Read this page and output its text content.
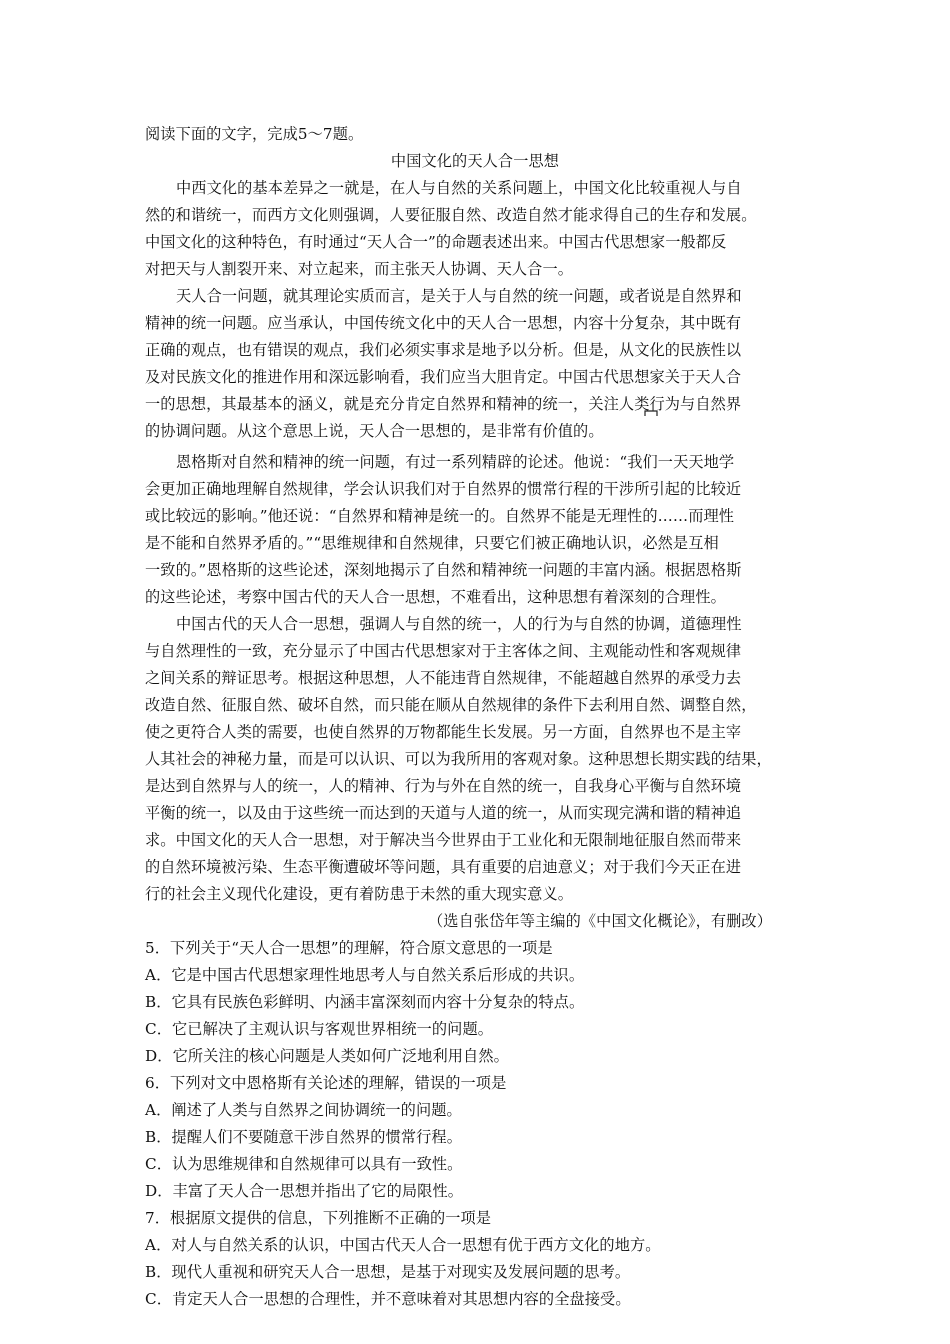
阅读下面的文字，完成5～7题。
中国文化的天人合一思想
中西文化的基本差异之一就是，在人与自然的关系问题上，中国文化比较重视人与自
然的和谐统一，而西方文化则强调，人要征服自然、改造自然才能求得自己的生存和发展。
中国文化的这种特色，有时通过“天人合一”的命题表述出来。中国古代思想家一般都反
对把天与人割裂开来、对立起来，而主张天人协调、天人合一。
天人合一问题，就其理论实质而言，是关于人与自然的统一问题，或者说是自然界和
精神的统一问题。应当承认，中国传统文化中的天人合一思想，内容十分复杂，其中既有
正确的观点，也有错误的观点，我们必须实事求是地予以分析。但是，从文化的民族性以
及对民族文化的推进作用和深远影响看，我们应当大胆肯定。中国古代思想家关于天人合
一的思想，其最基本的涵义，就是充分肯定自然界和精神的统一，关注人类行为与自然界
的协调问题。从这个意思上说，天人合一思想的，是非常有价值的。
恩格斯对自然和精神的统一问题，有过一系列精辟的论述。他说：“我们一天天地学
会更加正确地理解自然规律，学会认识我们对于自然界的惯常行程的干涉所引起的比较近
或比较远的影响。”他还说：“自然界和精神是统一的。自然界不能是无理性的……而理性
是不能和自然界矛盾的。”“思维规律和自然规律，只要它们被正确地认识，必然是互相
一致的。”恩格斯的这些论述，深刻地揭示了自然和精神统一问题的丰富内涵。根据恩格斯
的这些论述，考察中国古代的天人合一思想，不难看出，这种思想有着深刻的合理性。
中国古代的天人合一思想，强调人与自然的统一，人的行为与自然的协调，道德理性
与自然理性的一致，充分显示了中国古代思想家对于主客体之间、主观能动性和客观规律
之间关系的辩证思考。根据这种思想，人不能违背自然规律，不能超越自然界的承受力去
改造自然、征服自然、破坏自然，而只能在顺从自然规律的条件下去利用自然、调整自然，
使之更符合人类的需要，也使自然界的万物都能生长发展。另一方面，自然界也不是主宰
人其社会的神秘力量，而是可以认识、可以为我所用的客观对象。这种思想长期实践的结果，
是达到自然界与人的统一，人的精神、行为与外在自然的统一，自我身心平衡与自然环境
平衡的统一，以及由于这些统一而达到的天道与人道的统一，从而实现完满和谐的精神追
求。中国文化的天人合一思想，对于解决当今世界由于工业化和无限制地征服自然而带来
的自然环境被污染、生态平衡遭破坏等问题，具有重要的启迪意义；对于我们今天正在进
行的社会主义现代化建设，更有着防患于未然的重大现实意义。
（选自张岱年等主编的《中国文化概论》，有删改）
5．下列关于“天人合一思想”的理解，符合原文意思的一项是
A．它是中国古代思想家理性地思考人与自然关系后形成的共识。
B．它具有民族色彩鲜明、内涵丰富深刻而内容十分复杂的特点。
C．它已解决了主观认识与客观世界相统一的问题。
D．它所关注的核心问题是人类如何广泛地利用自然。
6．下列对文中恩格斯有关论述的理解，错误的一项是
A．阐述了人类与自然界之间协调统一的问题。
B．提醒人们不要随意干涉自然界的惯常行程。
C．认为思维规律和自然规律可以具有一致性。
D．丰富了天人合一思想并指出了它的局限性。
7．根据原文提供的信息，下列推断不正确的一项是
A．对人与自然关系的认识，中国古代天人合一思想有优于西方文化的地方。
B．现代人重视和研究天人合一思想，是基于对现实及发展问题的思考。
C．肯定天人合一思想的合理性，并不意味着对其思想内容的全盘接受。
